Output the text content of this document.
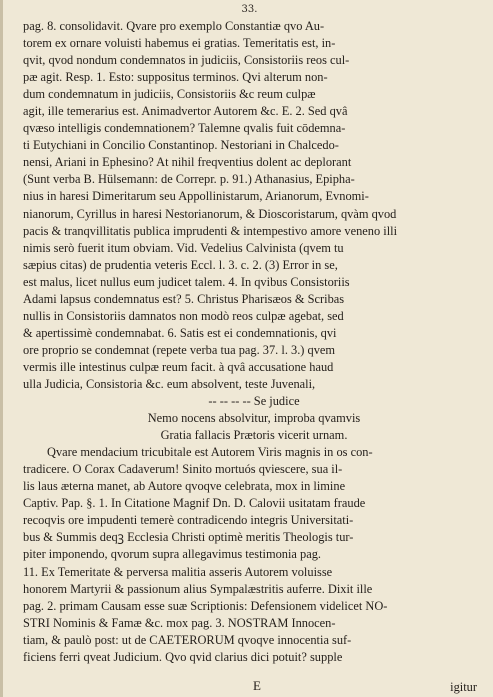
33.
pag. 8. consolidavit. Qvare pro exemplo Constantiæ qvo Au-
torem ex ornare voluisti habemus ei gratias. Temeritatis est, in-
qvit, qvod nondum condemnatos in judiciis, Consistoriis reos cul-
pæ agit. Resp. 1. Esto: suppositus terminos. Qvi alterum non-
dum condemnatum in judiciis, Consistoriis &c reum culpæ
agit, ille temerarius est. Animadvertor Autorem &c. E. 2. Sed qvâ
qvæso intelligis condemnationem? Talemne qvalis fuit cōdemna-
ti Eutychiani in Concilio Constantinop. Nestoriani in Chalcedo-
nensi, Ariani in Ephesino? At nihil freqventius dolent ac deplorant
(Sunt verba B. Hülsemann: de Correpr. p. 91.) Athanasius, Epipha-
nius in haresi Dimeritarum seu Appollinistarum, Arianorum, Evnomi-
nianorum, Cyrillus in haresi Nestorianorum, & Dioscoristarum, qvàm qvod
pacis & tranqvillitatis publica imprudenti & intempestivo amore veneno illi
nimis serò fuerit itum obviam. Vid. Vedelius Calvinista (qvem tu
sæpius citas) de prudentia veteris Eccl. l. 3. c. 2. (3) Error in se,
est malus, licet nullus eum judicet talem. 4. In qvibus Consistoriis
Adami lapsus condemnatus est? 5. Christus Pharisæos & Scribas
nullis in Consistoriis damnatos non modò reos culpæ agebat, sed
& apertissimè condemnabat. 6. Satis est ei condemnationis, qvi
ore proprio se condemnat (repete verba tua pag. 37. l. 3.) qvem
vermis ille intestinus culpæ reum facit. à qvâ accusatione haud
ulla Judicia, Consistoria &c. eum absolvent, teste Juvenali,
-- -- -- -- Se judice
Nemo nocens absolvitur, improba qvamvis
Gratia fallacis Prætoris vicerit urnam.
Qvare mendacium tricubitale est Autorem Viris magnis in os con-
tradicere. O Corax Cadaverum! Sinito mortuós qviescere, sua il-
lis laus æterna manet, ab Autore qvoqve celebrata, mox in limine
Captiv. Pap. §. 1. In Citatione Magnif Dn. D. Calovii usitatam fraude
recoqvis ore impudenti temerè contradicendo integris Universitati-
bus & Summis deqꝫ Ecclesia Christi optimè meritis Theologis tur-
piter imponendo, qvorum supra allegavimus testimonia pag.
11. Ex Temeritate & perversa malitia asseris Autorem voluisse
honorem Martyrii & passionum alius Sympalæstritis auferre. Dixit ille
pag. 2. primam Causam esse suæ Scriptionis: Defensionem videlicet NO-
STRI Nominis & Famæ &c. mox pag. 3. NOSTRAM Innocen-
tiam, & paulò post: ut de CAETERORUM qvoqve innocentia suf-
ficiens ferri qveat Judicium. Qvo qvid clarius dici potuit? supple
E	igitur
